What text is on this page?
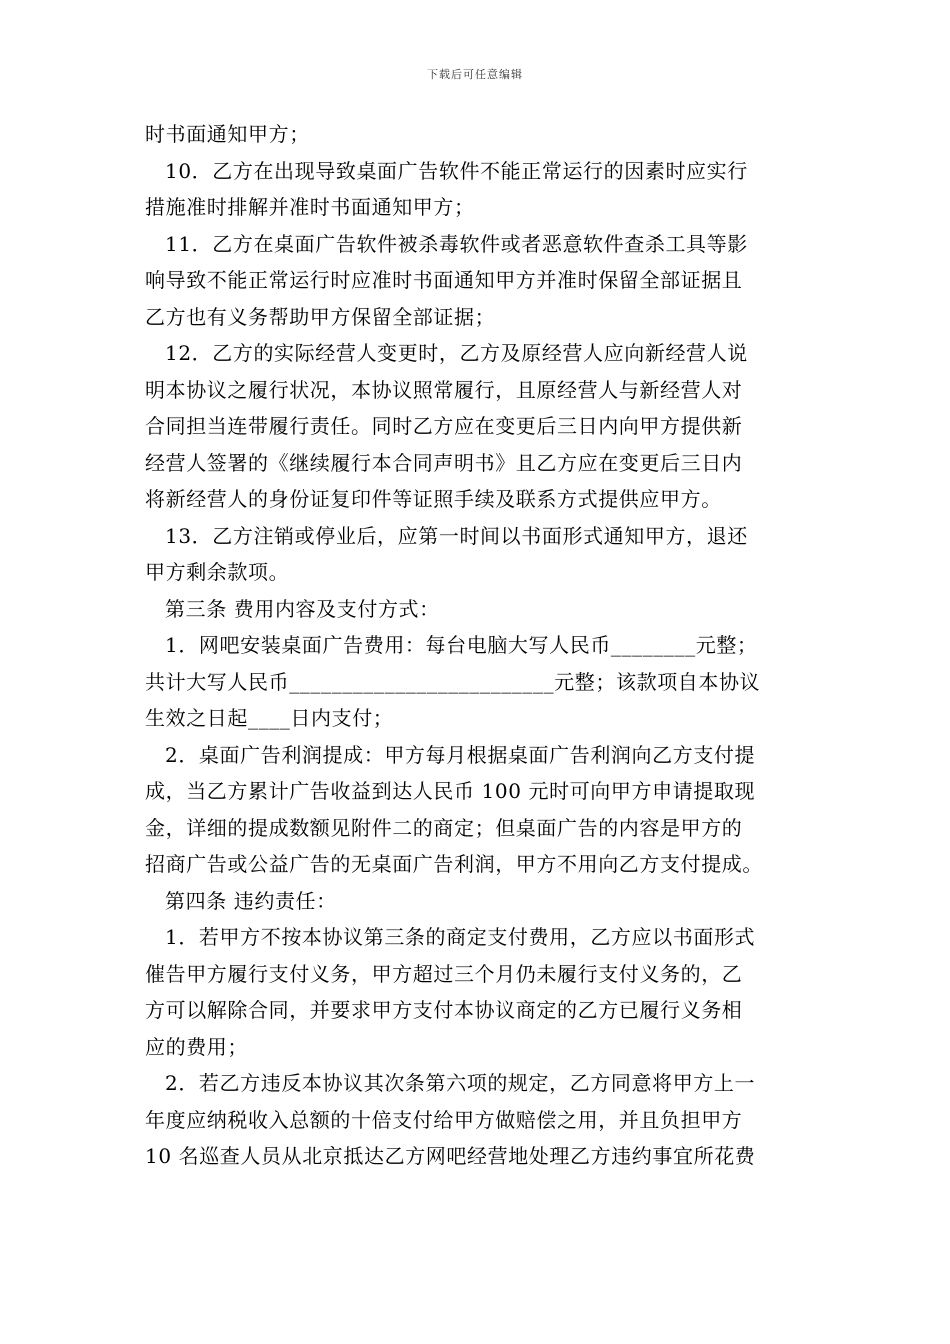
下载后可任意编辑
时书面通知甲方；
10．乙方在出现导致桌面广告软件不能正常运行的因素时应实行
措施准时排解并准时书面通知甲方；
11．乙方在桌面广告软件被杀毒软件或者恶意软件查杀工具等影
响导致不能正常运行时应准时书面通知甲方并准时保留全部证据且
乙方也有义务帮助甲方保留全部证据；
12．乙方的实际经营人变更时，乙方及原经营人应向新经营人说
明本协议之履行状况，本协议照常履行，且原经营人与新经营人对
合同担当连带履行责任。同时乙方应在变更后三日内向甲方提供新
经营人签署的《继续履行本合同声明书》且乙方应在变更后三日内
将新经营人的身份证复印件等证照手续及联系方式提供应甲方。
13．乙方注销或停业后，应第一时间以书面形式通知甲方，退还
甲方剩余款项。
第三条 费用内容及支付方式：
1．网吧安装桌面广告费用：每台电脑大写人民币________元整；
共计大写人民币_________________________元整；该款项自本协议
生效之日起____日内支付；
2．桌面广告利润提成：甲方每月根据桌面广告利润向乙方支付提
成，当乙方累计广告收益到达人民币 100 元时可向甲方申请提取现
金，详细的提成数额见附件二的商定；但桌面广告的内容是甲方的
招商广告或公益广告的无桌面广告利润，甲方不用向乙方支付提成。
第四条 违约责任：
1．若甲方不按本协议第三条的商定支付费用，乙方应以书面形式
催告甲方履行支付义务，甲方超过三个月仍未履行支付义务的，乙
方可以解除合同，并要求甲方支付本协议商定的乙方已履行义务相
应的费用；
2．若乙方违反本协议其次条第六项的规定，乙方同意将甲方上一
年度应纳税收入总额的十倍支付给甲方做赔偿之用，并且负担甲方
10 名巡查人员从北京抵达乙方网吧经营地处理乙方违约事宜所花费
